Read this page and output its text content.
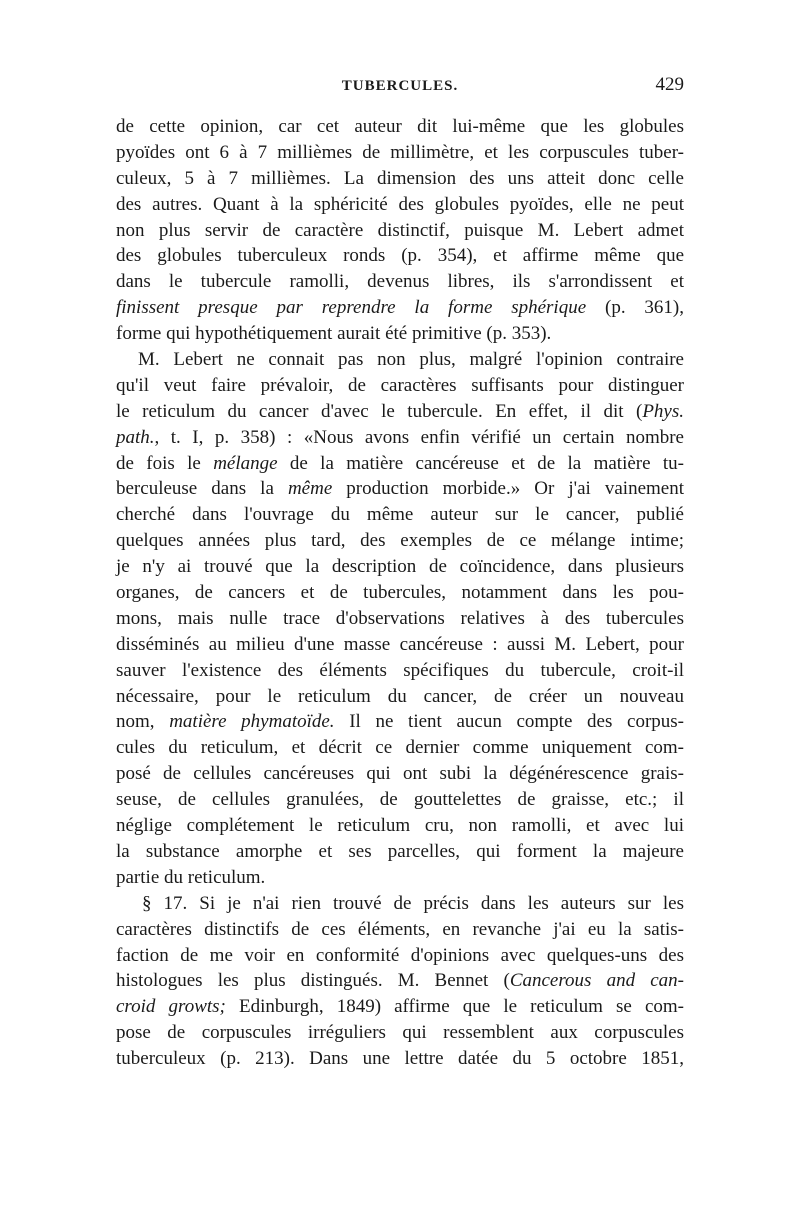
TUBERCULES.	429
de cette opinion, car cet auteur dit lui-même que les globules
pyoïdes ont 6 à 7 millièmes de millimètre, et les corpuscules tuber-
culeux, 5 à 7 millièmes. La dimension des uns atteit donc celle
des autres. Quant à la sphéricité des globules pyoïdes, elle ne peut
non plus servir de caractère distinctif, puisque M. Lebert admet
des globules tuberculeux ronds (p. 354), et affirme même que
dans le tubercule ramolli, devenus libres, ils s'arrondissent et
finissent presque par reprendre la forme sphérique (p. 361),
forme qui hypothétiquement aurait été primitive (p. 353).
M. Lebert ne connait pas non plus, malgré l'opinion contraire
qu'il veut faire prévaloir, de caractères suffisants pour distinguer
le reticulum du cancer d'avec le tubercule. En effet, il dit (Phys.
path., t. I, p. 358) : «Nous avons enfin vérifié un certain nombre
de fois le mélange de la matière cancéreuse et de la matière tu-
berculeuse dans la même production morbide.» Or j'ai vainement
cherché dans l'ouvrage du même auteur sur le cancer, publié
quelques années plus tard, des exemples de ce mélange intime;
je n'y ai trouvé que la description de coïncidence, dans plusieurs
organes, de cancers et de tubercules, notamment dans les pou-
mons, mais nulle trace d'observations relatives à des tubercules
disséminés au milieu d'une masse cancéreuse : aussi M. Lebert, pour
sauver l'existence des éléments spécifiques du tubercule, croit-il
nécessaire, pour le reticulum du cancer, de créer un nouveau
nom, matière phymatoïde. Il ne tient aucun compte des corpus-
cules du reticulum, et décrit ce dernier comme uniquement com-
posé de cellules cancéreuses qui ont subi la dégénérescence grais-
seuse, de cellules granulées, de gouttelettes de graisse, etc.; il
néglige complétement le reticulum cru, non ramolli, et avec lui
la substance amorphe et ses parcelles, qui forment la majeure
partie du reticulum.
§ 17. Si je n'ai rien trouvé de précis dans les auteurs sur les
caractères distinctifs de ces éléments, en revanche j'ai eu la satis-
faction de me voir en conformité d'opinions avec quelques-uns des
histologues les plus distingués. M. Bennet (Cancerous and can-
croid growts; Edinburgh, 1849) affirme que le reticulum se com-
pose de corpuscules irréguliers qui ressemblent aux corpuscules
tuberculeux (p. 213). Dans une lettre datée du 5 octobre 1851,
